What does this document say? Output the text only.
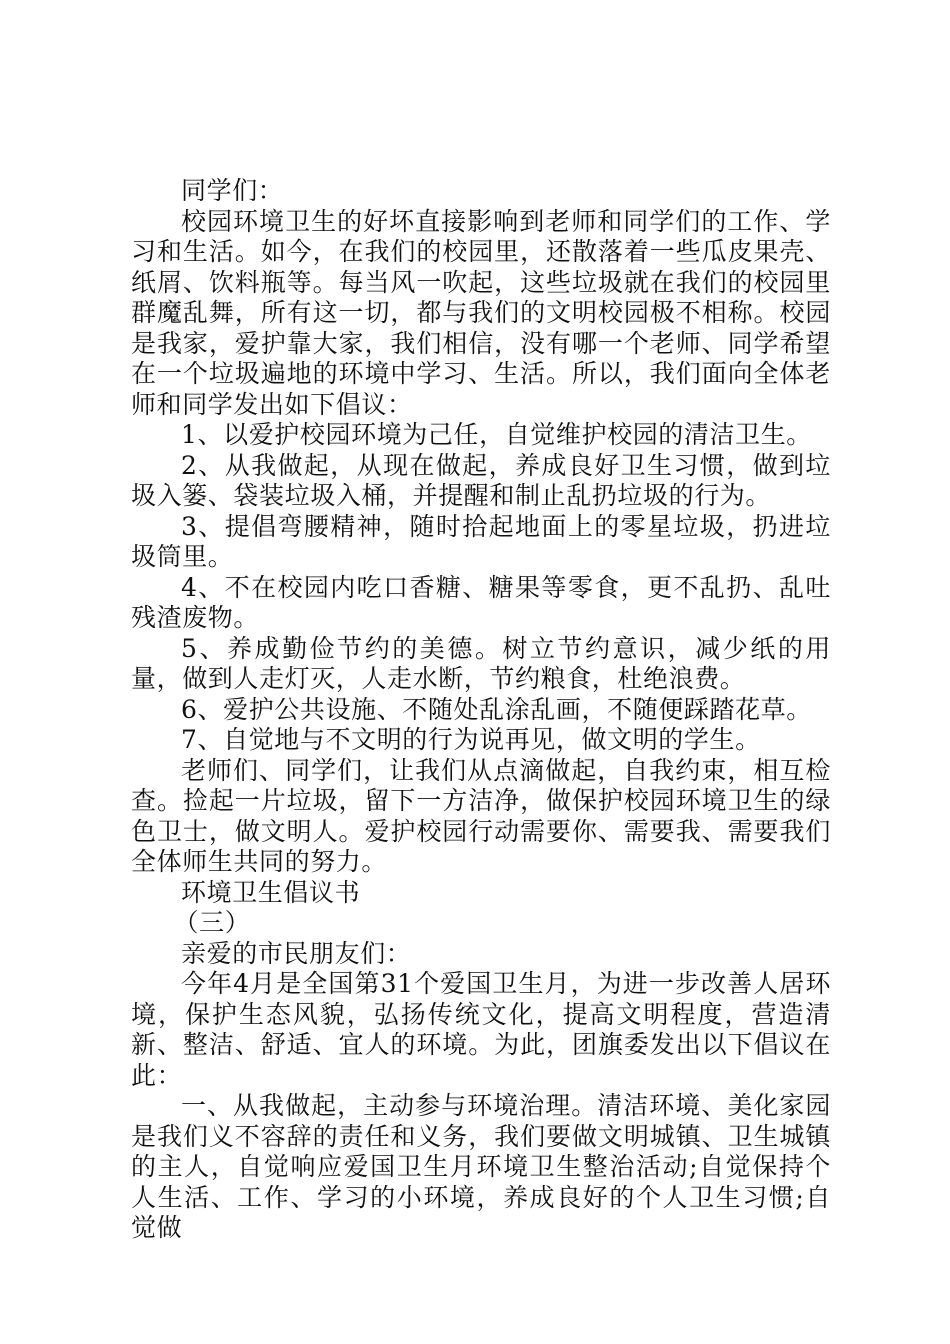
同学们：

校园环境卫生的好坏直接影响到老师和同学们的工作、学习和生活。如今，在我们的校园里，还散落着一些瓜皮果壳、纸屑、饮料瓶等。每当风一吹起，这些垃圾就在我们的校园里群魔乱舞，所有这一切，都与我们的文明校园极不相称。校园是我家，爱护靠大家，我们相信，没有哪一个老师、同学希望在一个垃圾遍地的环境中学习、生活。所以，我们面向全体老师和同学发出如下倡议：

1、以爱护校园环境为己任，自觉维护校园的清洁卫生。

2、从我做起，从现在做起，养成良好卫生习惯，做到垃圾入篓、袋装垃圾入桶，并提醒和制止乱扔垃圾的行为。

3、提倡弯腰精神，随时拾起地面上的零星垃圾，扔进垃圾筒里。

4、不在校园内吃口香糖、糖果等零食，更不乱扔、乱吐残渣废物。

5、养成勤俭节约的美德。树立节约意识，减少纸的用量，做到人走灯灭，人走水断，节约粮食，杜绝浪费。

6、爱护公共设施、不随处乱涂乱画，不随便踩踏花草。

7、自觉地与不文明的行为说再见，做文明的学生。

老师们、同学们，让我们从点滴做起，自我约束，相互检查。捡起一片垃圾，留下一方洁净，做保护校园环境卫生的绿色卫士，做文明人。爱护校园行动需要你、需要我、需要我们全体师生共同的努力。

环境卫生倡议书

（三）

亲爱的市民朋友们：

今年4月是全国第31个爱国卫生月，为进一步改善人居环境，保护生态风貌，弘扬传统文化，提高文明程度，营造清新、整洁、舒适、宜人的环境。为此，团旗委发出以下倡议在此：

一、从我做起，主动参与环境治理。清洁环境、美化家园是我们义不容辞的责任和义务，我们要做文明城镇、卫生城镇的主人，自觉响应爱国卫生月环境卫生整治活动;自觉保持个人生活、工作、学习的小环境，养成良好的个人卫生习惯;自觉做
